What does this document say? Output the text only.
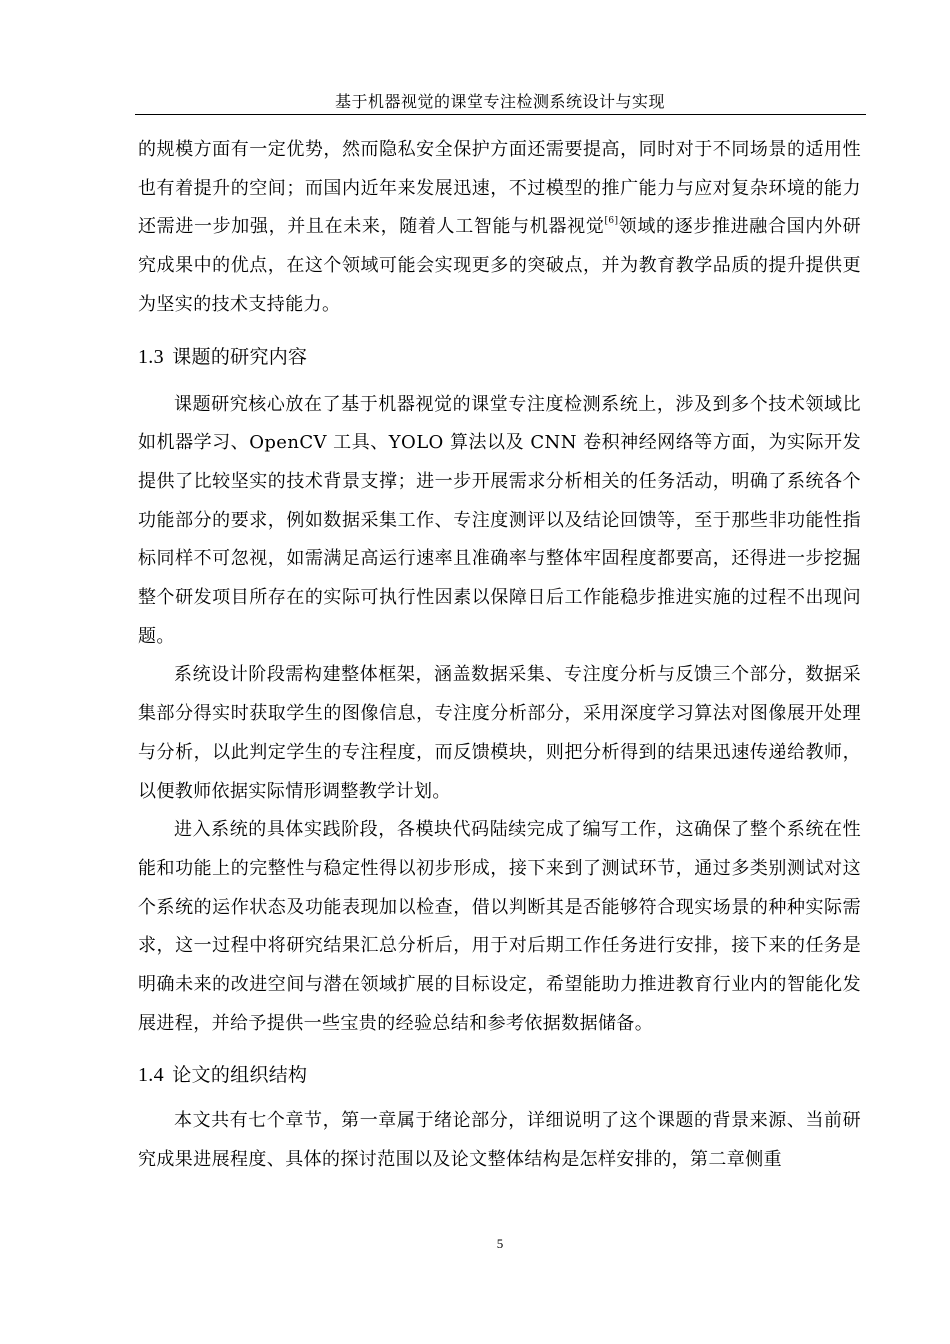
基于机器视觉的课堂专注检测系统设计与实现

的规模方面有一定优势，然而隐私安全保护方面还需要提高，同时对于不同场景的适用性也有着提升的空间；而国内近年来发展迅速，不过模型的推广能力与应对复杂环境的能力还需进一步加强，并且在未来，随着人工智能与机器视觉[6]领域的逐步推进融合国内外研究成果中的优点，在这个领域可能会实现更多的突破点，并为教育教学品质的提升提供更为坚实的技术支持能力。

1.3 课题的研究内容

课题研究核心放在了基于机器视觉的课堂专注度检测系统上，涉及到多个技术领域比如机器学习、OpenCV 工具、YOLO 算法以及 CNN 卷积神经网络等方面，为实际开发提供了比较坚实的技术背景支撑；进一步开展需求分析相关的任务活动，明确了系统各个功能部分的要求，例如数据采集工作、专注度测评以及结论回馈等，至于那些非功能性指标同样不可忽视，如需满足高运行速率且准确率与整体牢固程度都要高，还得进一步挖掘整个研发项目所存在的实际可执行性因素以保障日后工作能稳步推进实施的过程不出现问题。

系统设计阶段需构建整体框架，涵盖数据采集、专注度分析与反馈三个部分，数据采集部分得实时获取学生的图像信息，专注度分析部分，采用深度学习算法对图像展开处理与分析，以此判定学生的专注程度，而反馈模块，则把分析得到的结果迅速传递给教师，以便教师依据实际情形调整教学计划。

进入系统的具体实践阶段，各模块代码陆续完成了编写工作，这确保了整个系统在性能和功能上的完整性与稳定性得以初步形成，接下来到了测试环节，通过多类别测试对这个系统的运作状态及功能表现加以检查，借以判断其是否能够符合现实场景的种种实际需求，这一过程中将研究结果汇总分析后，用于对后期工作任务进行安排，接下来的任务是明确未来的改进空间与潜在领域扩展的目标设定，希望能助力推进教育行业内的智能化发展进程，并给予提供一些宝贵的经验总结和参考依据数据储备。

1.4 论文的组织结构

本文共有七个章节，第一章属于绪论部分，详细说明了这个课题的背景来源、当前研究成果进展程度、具体的探讨范围以及论文整体结构是怎样安排的，第二章侧重

5
